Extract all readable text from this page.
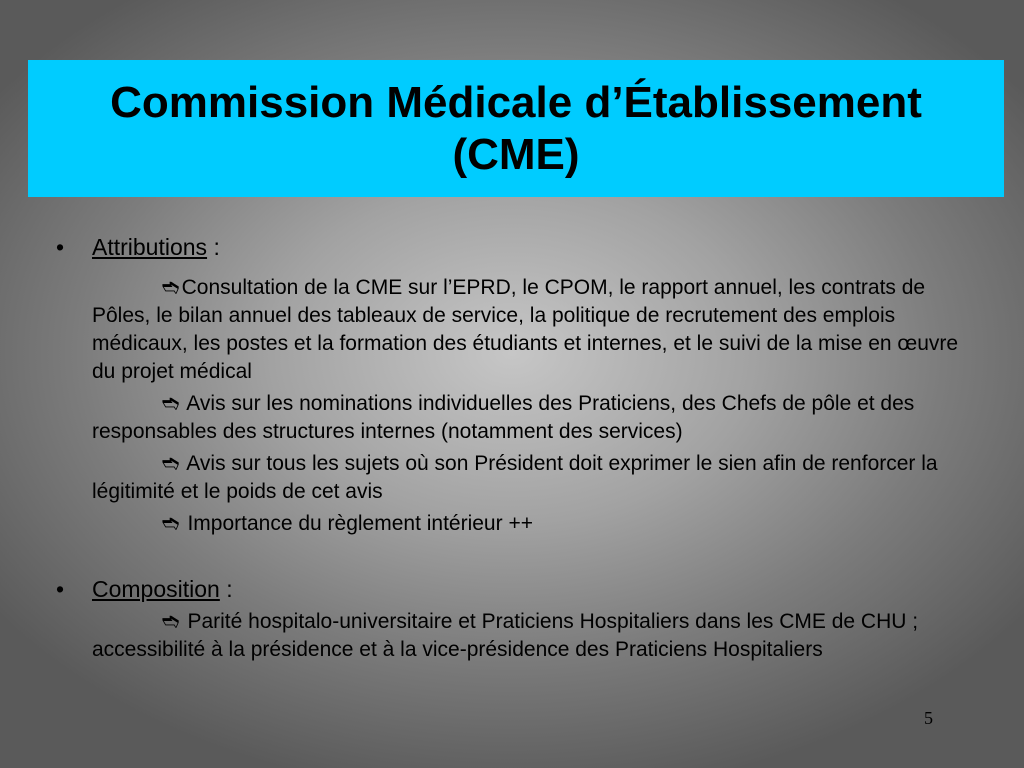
Commission Médicale d’Établissement
(CME)
•	Attributions :
➬Consultation de la CME sur l’EPRD, le CPOM, le rapport annuel, les contrats de Pôles, le bilan annuel des tableaux de service, la politique de recrutement des emplois médicaux, les postes et la formation des étudiants et internes, et le suivi de la mise en œuvre du projet médical
➬ Avis sur les nominations individuelles des Praticiens, des Chefs de pôle et des responsables des structures internes (notamment des services)
➬ Avis sur tous les sujets où son Président doit exprimer le sien afin de renforcer la légitimité et le poids de cet avis
➬ Importance du règlement intérieur ++
•	Composition :
➬ Parité hospitalo-universitaire et Praticiens Hospitaliers dans les CME de CHU ; accessibilité à la présidence et à la vice-présidence des Praticiens Hospitaliers
5
